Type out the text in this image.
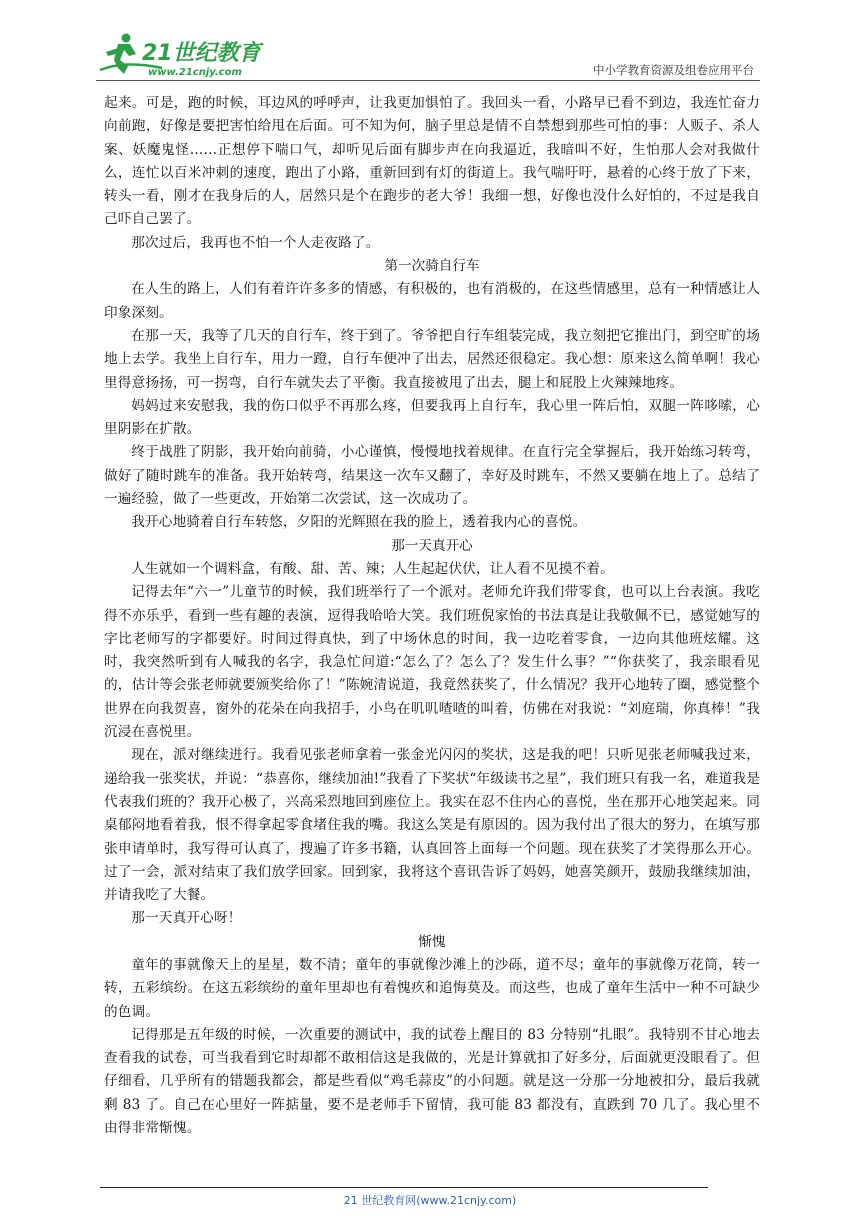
21世纪教育
www.21cnjy.com	中小学教育资源及组卷应用平台

起来。可是，跑的时候，耳边风的呼呼声，让我更加惧怕了。我回头一看，小路早已看不到边，我连忙奋力向前跑，好像是要把害怕给甩在后面。可不知为何，脑子里总是情不自禁想到那些可怕的事：人贩子、杀人案、妖魔鬼怪……正想停下喘口气，却听见后面有脚步声在向我逼近，我暗叫不好，生怕那人会对我做什么，连忙以百米冲刺的速度，跑出了小路，重新回到有灯的街道上。我气喘吁吁，悬着的心终于放了下来，转头一看，刚才在我身后的人，居然只是个在跑步的老大爷！我细一想，好像也没什么好怕的，不过是我自己吓自己罢了。

那次过后，我再也不怕一个人走夜路了。

第一次骑自行车

在人生的路上，人们有着许许多多的情感，有积极的，也有消极的，在这些情感里，总有一种情感让人印象深刻。

在那一天，我等了几天的自行车，终于到了。爷爷把自行车组装完成，我立刻把它推出门，到空旷的场地上去学。我坐上自行车，用力一蹬，自行车便冲了出去，居然还很稳定。我心想：原来这么简单啊！我心里得意扬扬，可一拐弯，自行车就失去了平衡。我直接被甩了出去，腿上和屁股上火辣辣地疼。

妈妈过来安慰我，我的伤口似乎不再那么疼，但要我再上自行车，我心里一阵后怕，双腿一阵哆嗦，心里阴影在扩散。

终于战胜了阴影，我开始向前骑，小心谨慎，慢慢地找着规律。在直行完全掌握后，我开始练习转弯，做好了随时跳车的准备。我开始转弯，结果这一次车又翻了，幸好及时跳车，不然又要躺在地上了。总结了一遍经验，做了一些更改，开始第二次尝试，这一次成功了。

我开心地骑着自行车转悠，夕阳的光辉照在我的脸上，透着我内心的喜悦。

那一天真开心

人生就如一个调料盒，有酸、甜、苦、辣；人生起起伏伏，让人看不见摸不着。

记得去年“六一”儿童节的时候，我们班举行了一个派对。老师允许我们带零食，也可以上台表演。我吃得不亦乐乎，看到一些有趣的表演，逗得我哈哈大笑。我们班倪家怡的书法真是让我敬佩不已，感觉她写的字比老师写的字都要好。时间过得真快，到了中场休息的时间，我一边吃着零食，一边向其他班炫耀。这时，我突然听到有人喊我的名字，我急忙问道:“怎么了？怎么了？发生什么事？”“你获奖了，我亲眼看见的，估计等会张老师就要颁奖给你了！”陈婉清说道，我竟然获奖了，什么情况？我开心地转了圈，感觉整个世界在向我贺喜，窗外的花朵在向我招手，小鸟在叽叽喳喳的叫着，仿佛在对我说：“刘庭瑞，你真棒！”我沉浸在喜悦里。

现在，派对继续进行。我看见张老师拿着一张金光闪闪的奖状，这是我的吧！只听见张老师喊我过来，递给我一张奖状，并说：“恭喜你，继续加油!”我看了下奖状“年级读书之星”，我们班只有我一名，难道我是代表我们班的？我开心极了，兴高采烈地回到座位上。我实在忍不住内心的喜悦，坐在那开心地笑起来。同桌郁闷地看着我，恨不得拿起零食堵住我的嘴。我这么笑是有原因的。因为我付出了很大的努力，在填写那张申请单时，我写得可认真了，搜遍了许多书籍，认真回答上面每一个问题。现在获奖了才笑得那么开心。过了一会，派对结束了我们放学回家。回到家，我将这个喜讯告诉了妈妈，她喜笑颜开，鼓励我继续加油，并请我吃了大餐。

那一天真开心呀！

惭愧

童年的事就像天上的星星，数不清；童年的事就像沙滩上的沙砾，道不尽；童年的事就像万花筒，转一转，五彩缤纷。在这五彩缤纷的童年里却也有着愧疚和追悔莫及。而这些，也成了童年生活中一种不可缺少的色调。

记得那是五年级的时候，一次重要的测试中，我的试卷上醒目的 83 分特别“扎眼”。我特别不甘心地去查看我的试卷，可当我看到它时却都不敢相信这是我做的，光是计算就扣了好多分，后面就更没眼看了。但仔细看，几乎所有的错题我都会，都是些看似“鸡毛蒜皮”的小问题。就是这一分那一分地被扣分，最后我就剩 83 了。自己在心里好一阵掂量，要不是老师手下留情，我可能 83 都没有，直跌到 70 几了。我心里不由得非常惭愧。

21 世纪教育网(www.21cnjy.com)
